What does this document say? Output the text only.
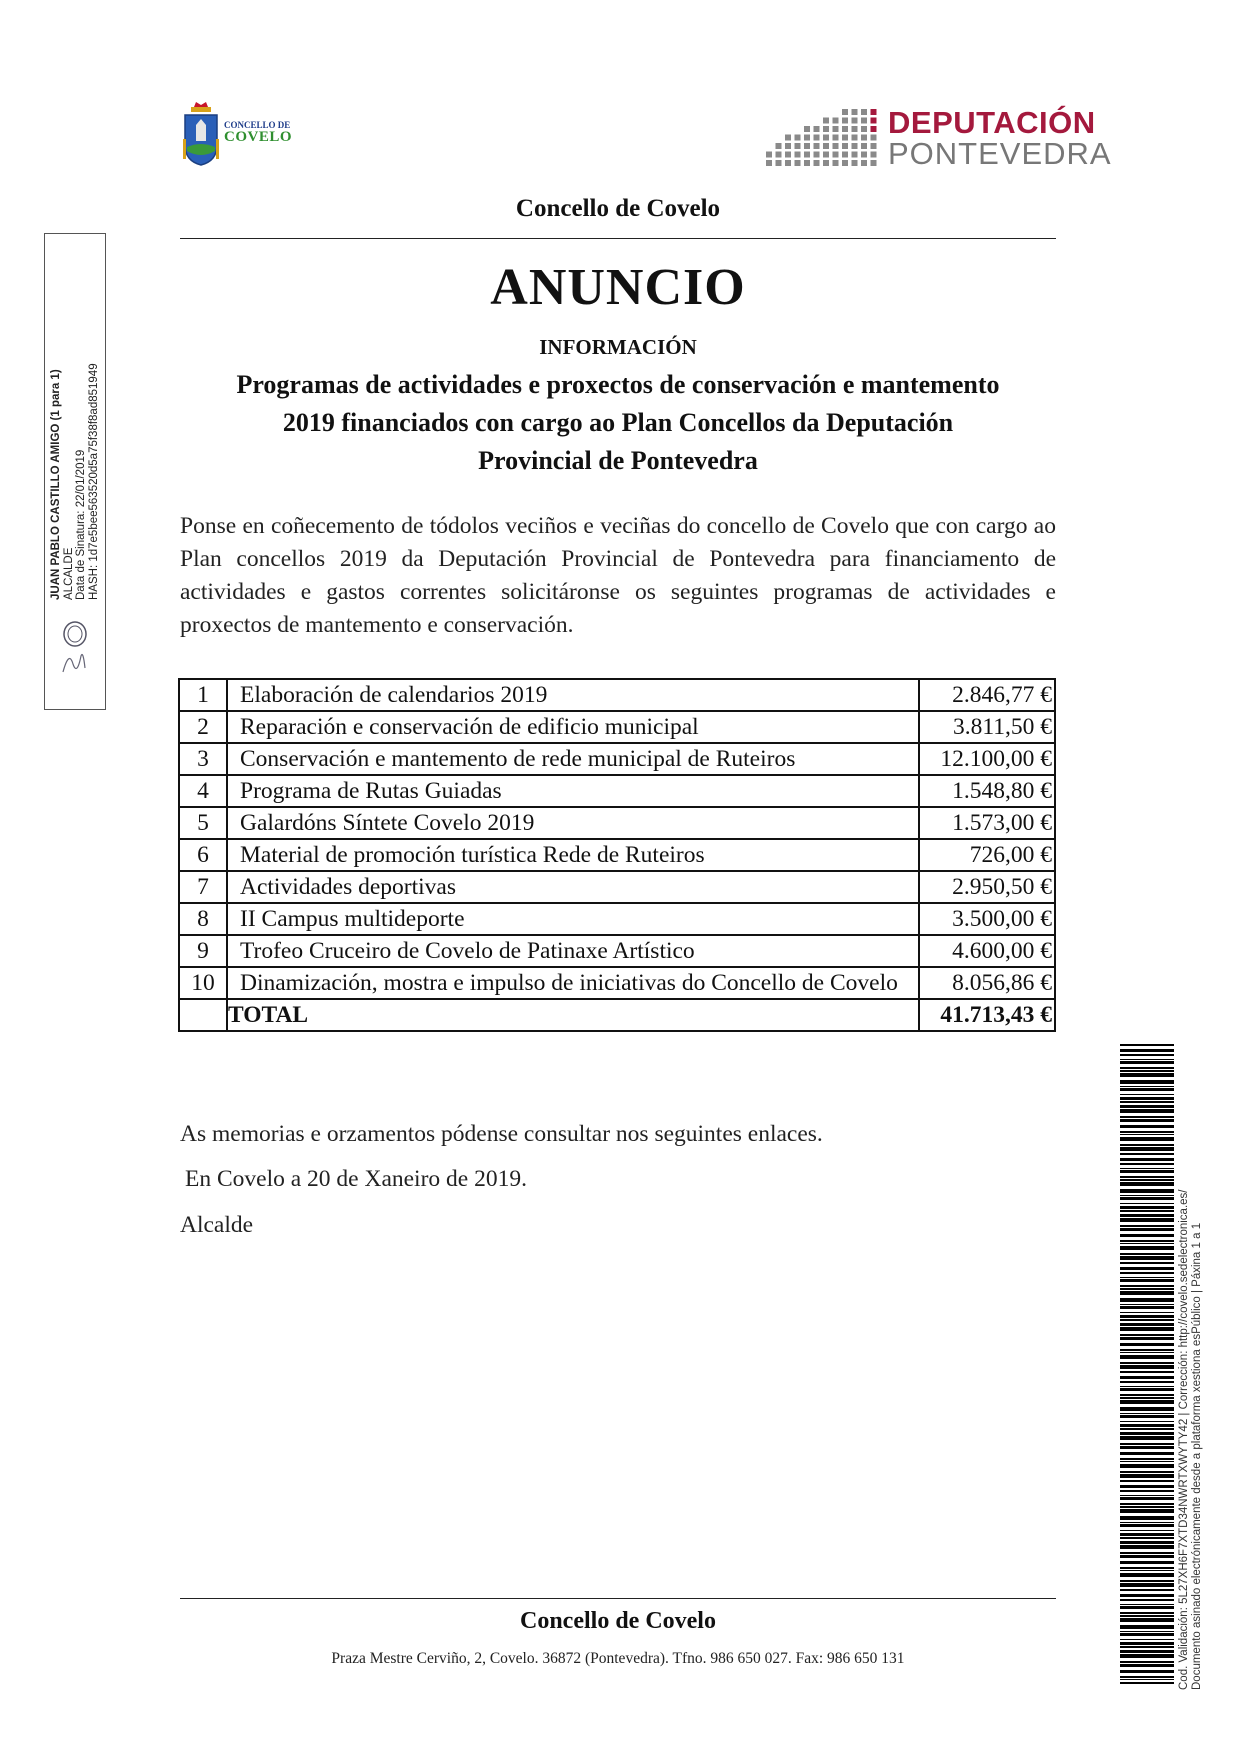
CONCELLO DE
COVELO	DEPUTACIÓN
PONTEVEDRA
Concello de Covelo
ANUNCIO
INFORMACIÓN
Programas de actividades e proxectos de conservación e mantemento
2019 financiados con cargo ao Plan Concellos da Deputación
Provincial de Pontevedra
Ponse en coñecemento de tódolos veciños e veciñas do concello de Covelo que con cargo ao Plan concellos 2019 da Deputación Provincial de Pontevedra para financiamento de actividades e gastos correntes solicitáronse os seguintes programas de actividades e proxectos de mantemento e conservación.
1	Elaboración de calendarios 2019	2.846,77 €
2	Reparación e conservación de edificio municipal	3.811,50 €
3	Conservación e mantemento de rede municipal de Ruteiros	12.100,00 €
4	Programa de Rutas Guiadas	1.548,80 €
5	Galardóns Síntete Covelo 2019	1.573,00 €
6	Material de promoción turística Rede de Ruteiros	726,00 €
7	Actividades deportivas	2.950,50 €
8	II Campus multideporte	3.500,00 €
9	Trofeo Cruceiro de Covelo de Patinaxe Artístico	4.600,00 €
10	Dinamización, mostra e impulso de iniciativas do Concello de Covelo	8.056,86 €
	TOTAL	41.713,43 €
As memorias e orzamentos pódense consultar nos seguintes enlaces.
En Covelo a 20 de Xaneiro de 2019.
Alcalde
Concello de Covelo
Praza Mestre Cerviño, 2, Covelo. 36872 (Pontevedra). Tfno. 986 650 027. Fax: 986 650 131
JUAN PABLO CASTILLO AMIGO (1 para 1) ALCALDE Data de Sinatura: 22/01/2019 HASH: 1d7e5bee563520d5a75f38f8ad851949
Cod. Validación: 5L27XH6F7XTD34NWRTXWYTY42 | Corrección: http://covelo.sedelectronica.es/ Documento asinado electrónicamente desde a plataforma xestiona esPúblico | Páxina 1 a 1
